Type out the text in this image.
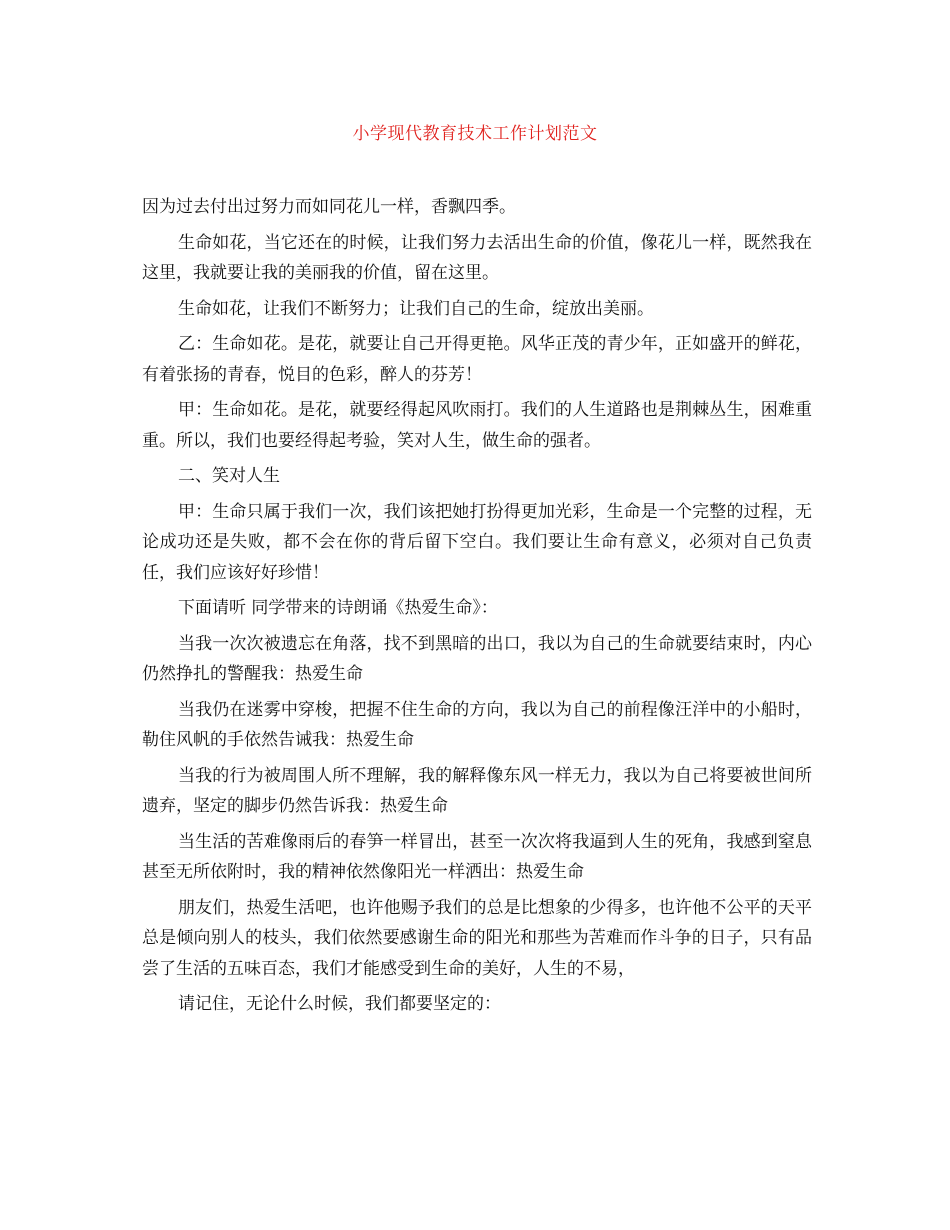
小学现代教育技术工作计划范文

因为过去付出过努力而如同花儿一样，香飘四季。

生命如花，当它还在的时候，让我们努力去活出生命的价值，像花儿一样，既然我在这里，我就要让我的美丽我的价值，留在这里。

生命如花，让我们不断努力；让我们自己的生命，绽放出美丽。

乙：生命如花。是花，就要让自己开得更艳。风华正茂的青少年，正如盛开的鲜花，有着张扬的青春，悦目的色彩，醉人的芬芳！

甲：生命如花。是花，就要经得起风吹雨打。我们的人生道路也是荆棘丛生，困难重重。所以，我们也要经得起考验，笑对人生，做生命的强者。

二、笑对人生

甲：生命只属于我们一次，我们该把她打扮得更加光彩，生命是一个完整的过程，无论成功还是失败，都不会在你的背后留下空白。我们要让生命有意义，必须对自己负责任，我们应该好好珍惜！

下面请听 同学带来的诗朗诵《热爱生命》：

当我一次次被遗忘在角落，找不到黑暗的出口，我以为自己的生命就要结束时，内心仍然挣扎的警醒我：热爱生命

当我仍在迷雾中穿梭，把握不住生命的方向，我以为自己的前程像汪洋中的小船时，勒住风帆的手依然告诫我：热爱生命

当我的行为被周围人所不理解，我的解释像东风一样无力，我以为自己将要被世间所遗弃，坚定的脚步仍然告诉我：热爱生命

当生活的苦难像雨后的春笋一样冒出，甚至一次次将我逼到人生的死角，我感到窒息甚至无所依附时，我的精神依然像阳光一样洒出：热爱生命

朋友们，热爱生活吧，也许他赐予我们的总是比想象的少得多，也许他不公平的天平总是倾向别人的枝头，我们依然要感谢生命的阳光和那些为苦难而作斗争的日子，只有品尝了生活的五味百态，我们才能感受到生命的美好，人生的不易，

请记住，无论什么时候，我们都要坚定的：
